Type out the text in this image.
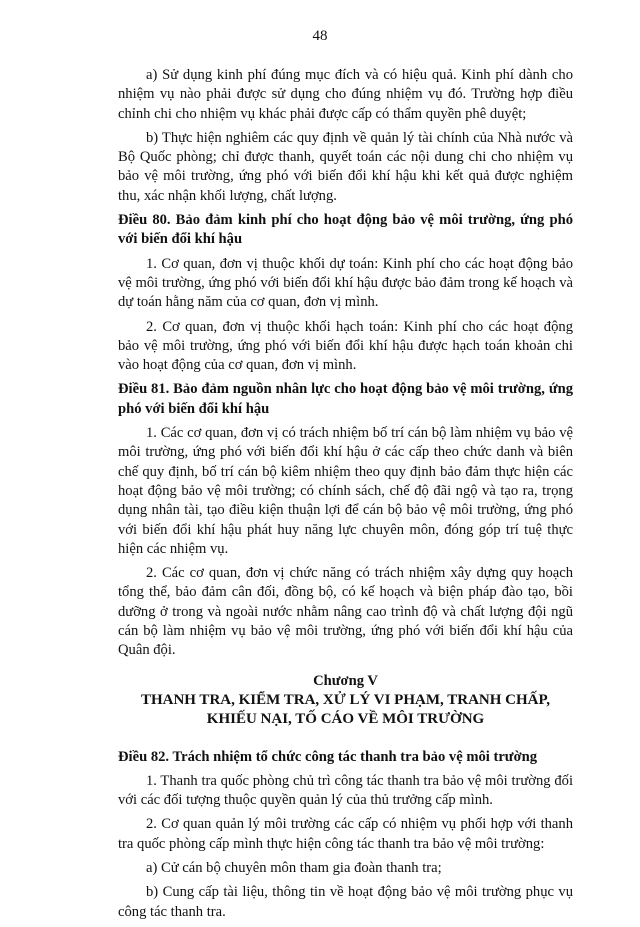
48

a) Sử dụng kinh phí đúng mục đích và có hiệu quả. Kinh phí dành cho nhiệm vụ nào phải được sử dụng cho đúng nhiệm vụ đó. Trường hợp điều chỉnh chi cho nhiệm vụ khác phải được cấp có thẩm quyền phê duyệt;

b) Thực hiện nghiêm các quy định về quản lý tài chính của Nhà nước và Bộ Quốc phòng; chỉ được thanh, quyết toán các nội dung chi cho nhiệm vụ bảo vệ môi trường, ứng phó với biến đổi khí hậu khi kết quả được nghiệm thu, xác nhận khối lượng, chất lượng.

Điều 80. Bảo đảm kinh phí cho hoạt động bảo vệ môi trường, ứng phó với biến đổi khí hậu

1. Cơ quan, đơn vị thuộc khối dự toán: Kinh phí cho các hoạt động bảo vệ môi trường, ứng phó với biến đổi khí hậu được bảo đảm trong kế hoạch và dự toán hằng năm của cơ quan, đơn vị mình.

2. Cơ quan, đơn vị thuộc khối hạch toán: Kinh phí cho các hoạt động bảo vệ môi trường, ứng phó với biến đổi khí hậu được hạch toán khoản chi vào hoạt động của cơ quan, đơn vị mình.

Điều 81. Bảo đảm nguồn nhân lực cho hoạt động bảo vệ môi trường, ứng phó với biến đổi khí hậu

1. Các cơ quan, đơn vị có trách nhiệm bố trí cán bộ làm nhiệm vụ bảo vệ môi trường, ứng phó với biến đổi khí hậu ở các cấp theo chức danh và biên chế quy định, bố trí cán bộ kiêm nhiệm theo quy định bảo đảm thực hiện các hoạt động bảo vệ môi trường; có chính sách, chế độ đãi ngộ và tạo ra, trọng dụng nhân tài, tạo điều kiện thuận lợi để cán bộ bảo vệ môi trường, ứng phó với biến đổi khí hậu phát huy năng lực chuyên môn, đóng góp trí tuệ thực hiện các nhiệm vụ.

2. Các cơ quan, đơn vị chức năng có trách nhiệm xây dựng quy hoạch tổng thể, bảo đảm cân đối, đồng bộ, có kế hoạch và biện pháp đào tạo, bồi dưỡng ở trong và ngoài nước nhằm nâng cao trình độ và chất lượng đội ngũ cán bộ làm nhiệm vụ bảo vệ môi trường, ứng phó với biến đổi khí hậu của Quân đội.

Chương V
THANH TRA, KIỂM TRA, XỬ LÝ VI PHẠM, TRANH CHẤP,
KHIẾU NẠI, TỐ CÁO VỀ MÔI TRƯỜNG

Điều 82. Trách nhiệm tổ chức công tác thanh tra bảo vệ môi trường

1. Thanh tra quốc phòng chủ trì công tác thanh tra bảo vệ môi trường đối với các đối tượng thuộc quyền quản lý của thủ trưởng cấp mình.

2. Cơ quan quản lý môi trường các cấp có nhiệm vụ phối hợp với thanh tra quốc phòng cấp mình thực hiện công tác thanh tra bảo vệ môi trường:

a) Cử cán bộ chuyên môn tham gia đoàn thanh tra;

b) Cung cấp tài liệu, thông tin về hoạt động bảo vệ môi trường phục vụ công tác thanh tra.
